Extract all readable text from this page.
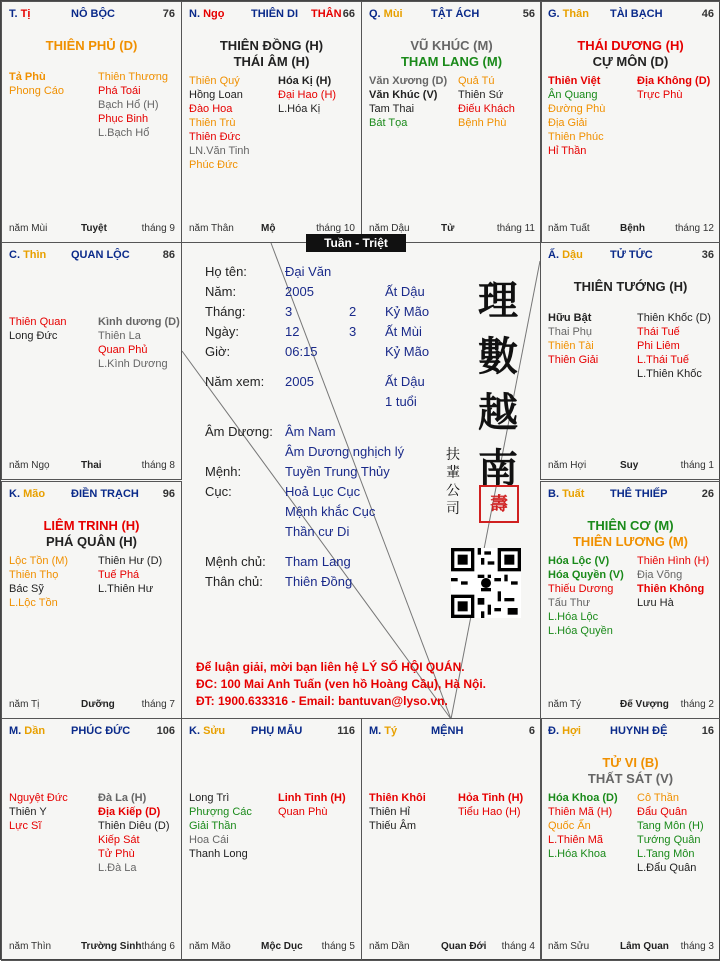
T. Tị	NÔ BỘC	76
THIÊN PHỦ (D)
Tả Phù
Phong Cáo
Thiên Thương
Phá Toái
Bạch Hổ (H)
Phục Binh
L.Bạch Hổ
năm Mùi	Tuyệt	tháng 9
N. Ngọ THIÊN DI THÂN 66
THIÊN ĐỒNG (H)
THÁI ÂM (H)
Thiên Quý
Hồng Loan
Đào Hoa
Thiên Trù
Thiên Đức
LN.Văn Tinh
Phúc Đức
Hóa Kị (H)
Đại Hao (H)
L.Hóa Kị
năm Thân	Mộ	tháng 10
Q. Mùi	TẬT ÁCH	56
VŨ KHÚC (M)
THAM LANG (M)
Văn Xương (D)
Văn Khúc (V)
Tam Thai
Bát Tọa
Quả Tú
Thiên Sứ
Điếu Khách
Bệnh Phù
năm Dậu	Tử	tháng 11
G. Thân TÀI BẠCH	46
THÁI DƯƠNG (H)
CỰ MÔN (D)
Thiên Việt
Ân Quang
Đường Phù
Địa Giải
Thiên Phúc
Hỉ Thần
Địa Không (D)
Trực Phù
năm Tuất	Bệnh	tháng 12
C. Thìn QUAN LỘC	86
Thiên Quan
Long Đức
Kình dương (D)
Thiên La
Quan Phủ
L.Kình Dương
năm Ngọ	Thai	tháng 8
Ấ. Dậu TỬ TỨC	36
THIÊN TƯỚNG (H)
Hữu Bật
Thai Phụ
Thiên Tài
Thiên Giải
Thiên Khốc (D)
Thái Tuế
Phi Liêm
L.Thái Tuế
L.Thiên Khốc
năm Hợi	Suy	tháng 1
K. Mão ĐIỀN TRẠCH 96
LIÊM TRINH (H)
PHÁ QUÂN (H)
Lộc Tồn (M)
Thiên Thọ
Bác Sỹ
L.Lộc Tồn
Thiên Hư (D)
Tuế Phá
L.Thiên Hư
năm Tị	Dưỡng	tháng 7
B. Tuất THÊ THIẾP	26
THIÊN CƠ (M)
THIÊN LƯƠNG (M)
Hóa Lộc (V)
Hóa Quyền (V)
Thiếu Dương
Tấu Thư
L.Hóa Lộc
L.Hóa Quyền
Thiên Hình (H)
Địa Võng
Thiên Không
Lưu Hà
năm Tý	Đế Vượng tháng 2
M. Dần PHÚC ĐỨC 106
Nguyệt Đức
Thiên Y
Lực Sĩ
Đà La (H)
Địa Kiếp (D)
Thiên Diêu (D)
Kiếp Sát
Tử Phù
L.Đà La
năm Thìn	Trường Sinh tháng 6
K. Sửu PHỤ MẪU	116
Long Trì
Phượng Các
Giải Thần
Hoa Cái
Thanh Long
Linh Tinh (H)
Quan Phù
năm Mão	Mộc Dục tháng 5
M. Tý	MỆNH	6
Thiên Khôi
Thiên Hỉ
Thiếu Âm
Hỏa Tinh (H)
Tiểu Hao (H)
năm Dần	Quan Đới tháng 4
Đ. Hợi	HUYNH ĐỆ	16
TỬ VI (B)
THẤT SÁT (V)
Hóa Khoa (D)
Thiên Mã (H)
Quốc Ấn
L.Thiên Mã
L.Hóa Khoa
Cô Thần
Đẩu Quân
Tang Môn (H)
Tướng Quân
L.Tang Môn
L.Đẩu Quân
năm Sửu	Lâm Quan tháng 3
Tuần - Triệt
Họ tên:	Đại Văn
Năm:	2005	Ất Dậu
Tháng:	3	2 Kỷ Mão
Ngày:	12	3 Ất Mùi
Giờ:	06:15	Kỷ Mão
Năm xem: 2005	Ất Dậu
1 tuổi
Âm Dương: Âm Nam
Âm Dương nghịch lý
Mệnh:	Tuyền Trung Thủy
Cục:	Hoả Lục Cục
Mệnh khắc Cục
Thần cư Di
Mệnh chủ: Tham Lang
Thân chủ: Thiên Đồng
理
數
越
南
扶
輩
公
司	壽
Để luận giải, mời bạn liên hệ LÝ SỐ HỘI QUÁN.
ĐC: 100 Mai Anh Tuấn (ven hồ Hoàng Cầu), Hà Nội.
ĐT: 1900.633316 - Email: bantuvan@lyso.vn.
